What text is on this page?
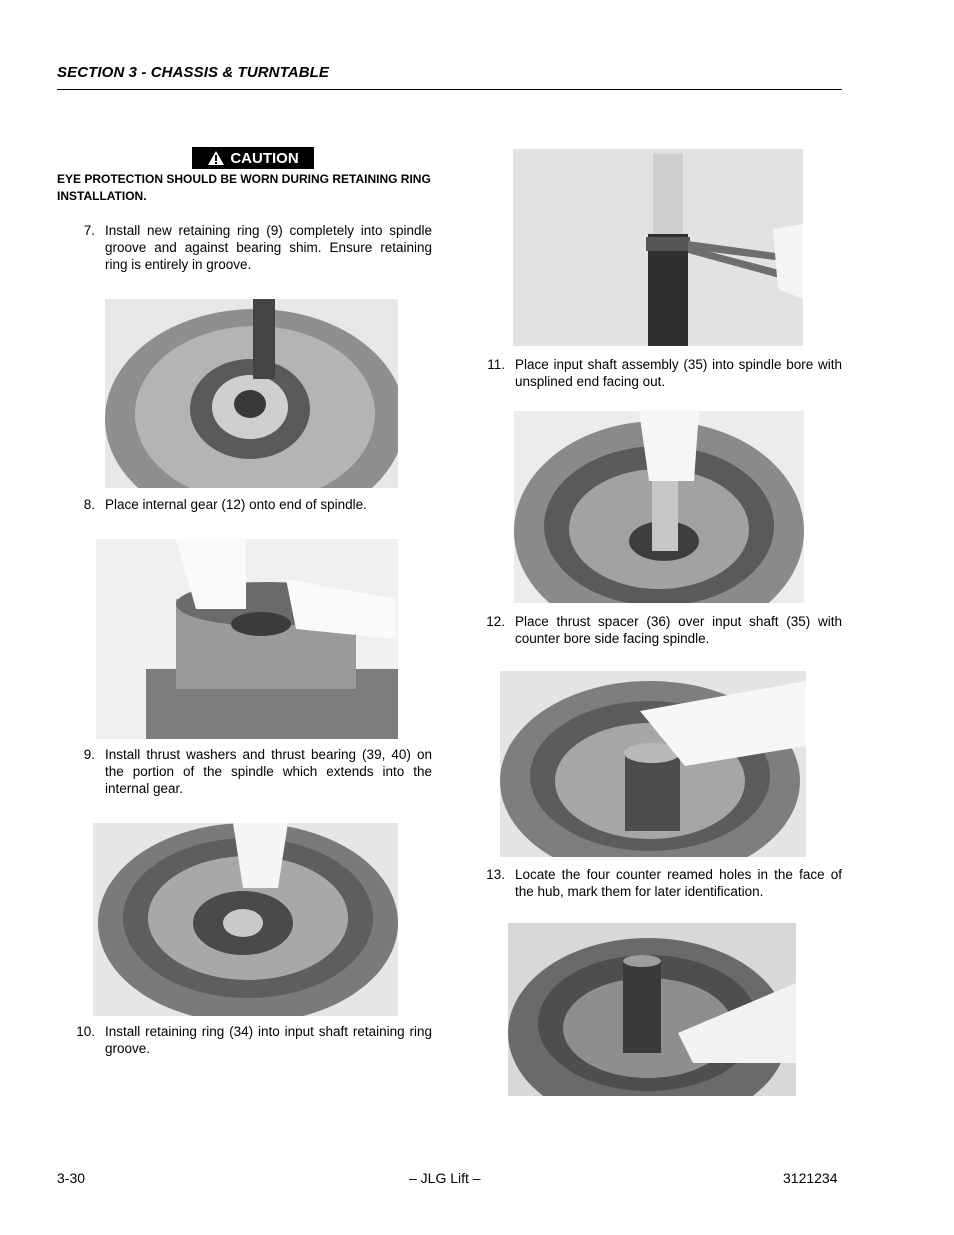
SECTION 3 - CHASSIS & TURNTABLE
CAUTION
EYE PROTECTION SHOULD BE WORN DURING RETAINING RING INSTALLATION.
7. Install new retaining ring (9) completely into spindle groove and against bearing shim. Ensure retaining ring is entirely in groove.
8. Place internal gear (12) onto end of spindle.
9. Install thrust washers and thrust bearing (39, 40) on the portion of the spindle which extends into the internal gear.
10. Install retaining ring (34) into input shaft retaining ring groove.
11. Place input shaft assembly (35) into spindle bore with unsplined end facing out.
12. Place thrust spacer (36) over input shaft (35) with counter bore side facing spindle.
13. Locate the four counter reamed holes in the face of the hub, mark them for later identification.
3-30	– JLG Lift –	3121234
